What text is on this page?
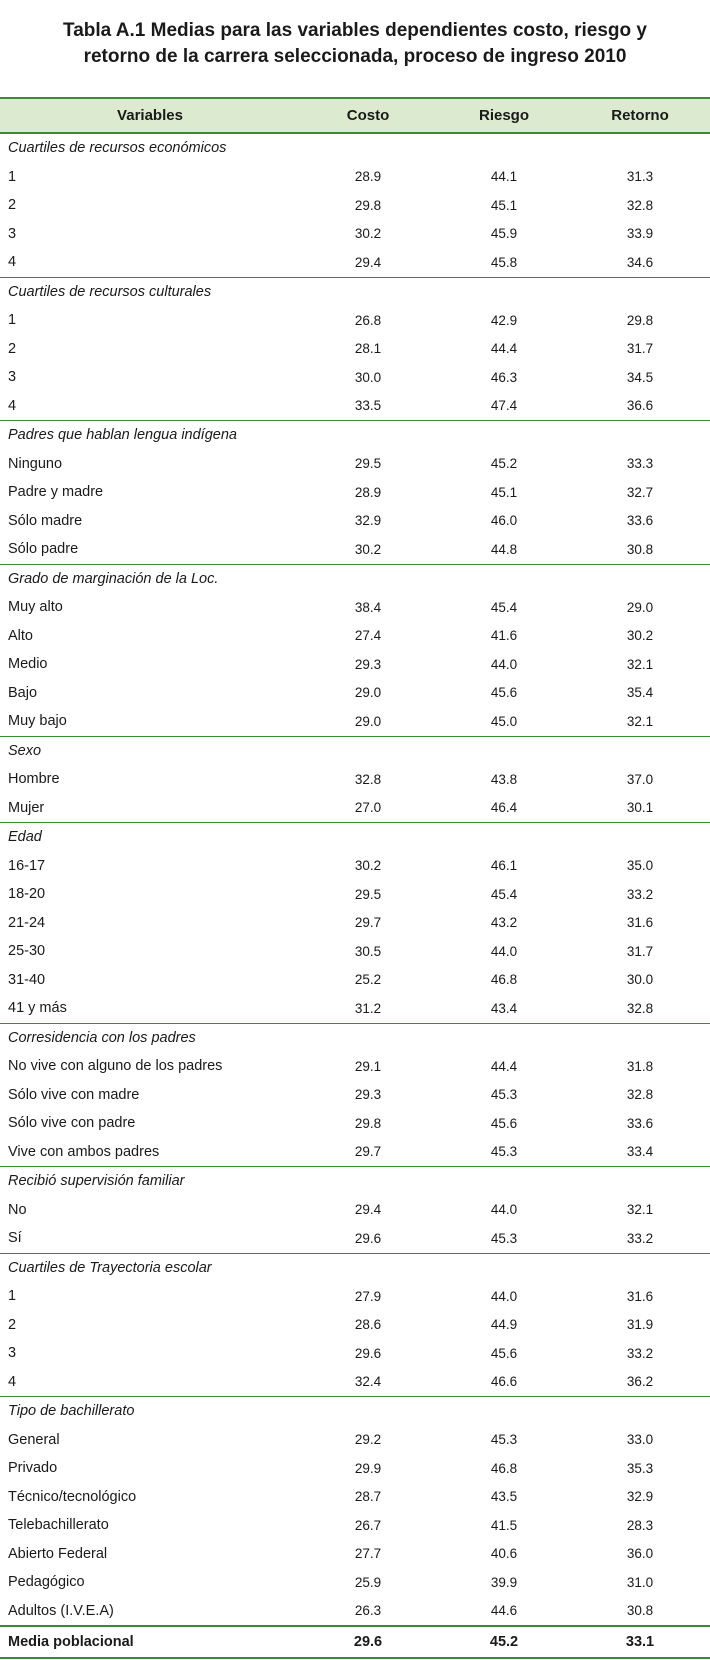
Tabla A.1 Medias para las variables dependientes costo, riesgo y
retorno de la carrera seleccionada, proceso de ingreso 2010
Variables	Costo	Riesgo	Retorno
Cuartiles de recursos económicos
1	28.9	44.1	31.3
2	29.8	45.1	32.8
3	30.2	45.9	33.9
4	29.4	45.8	34.6
Cuartiles de recursos culturales
1	26.8	42.9	29.8
2	28.1	44.4	31.7
3	30.0	46.3	34.5
4	33.5	47.4	36.6
Padres que hablan lengua indígena
Ninguno	29.5	45.2	33.3
Padre y madre	28.9	45.1	32.7
Sólo madre	32.9	46.0	33.6
Sólo padre	30.2	44.8	30.8
Grado de marginación de la Loc.
Muy alto	38.4	45.4	29.0
Alto	27.4	41.6	30.2
Medio	29.3	44.0	32.1
Bajo	29.0	45.6	35.4
Muy bajo	29.0	45.0	32.1
Sexo
Hombre	32.8	43.8	37.0
Mujer	27.0	46.4	30.1
Edad
16-17	30.2	46.1	35.0
18-20	29.5	45.4	33.2
21-24	29.7	43.2	31.6
25-30	30.5	44.0	31.7
31-40	25.2	46.8	30.0
41 y más	31.2	43.4	32.8
Corresidencia con los padres
No vive con alguno de los padres	29.1	44.4	31.8
Sólo vive con madre	29.3	45.3	32.8
Sólo vive con padre	29.8	45.6	33.6
Vive con ambos padres	29.7	45.3	33.4
Recibió supervisión familiar
No	29.4	44.0	32.1
Sí	29.6	45.3	33.2
Cuartiles de Trayectoria escolar
1	27.9	44.0	31.6
2	28.6	44.9	31.9
3	29.6	45.6	33.2
4	32.4	46.6	36.2
Tipo de bachillerato
General	29.2	45.3	33.0
Privado	29.9	46.8	35.3
Técnico/tecnológico	28.7	43.5	32.9
Telebachillerato	26.7	41.5	28.3
Abierto Federal	27.7	40.6	36.0
Pedagógico	25.9	39.9	31.0
Adultos (I.V.E.A)	26.3	44.6	30.8
Media poblacional	29.6	45.2	33.1
